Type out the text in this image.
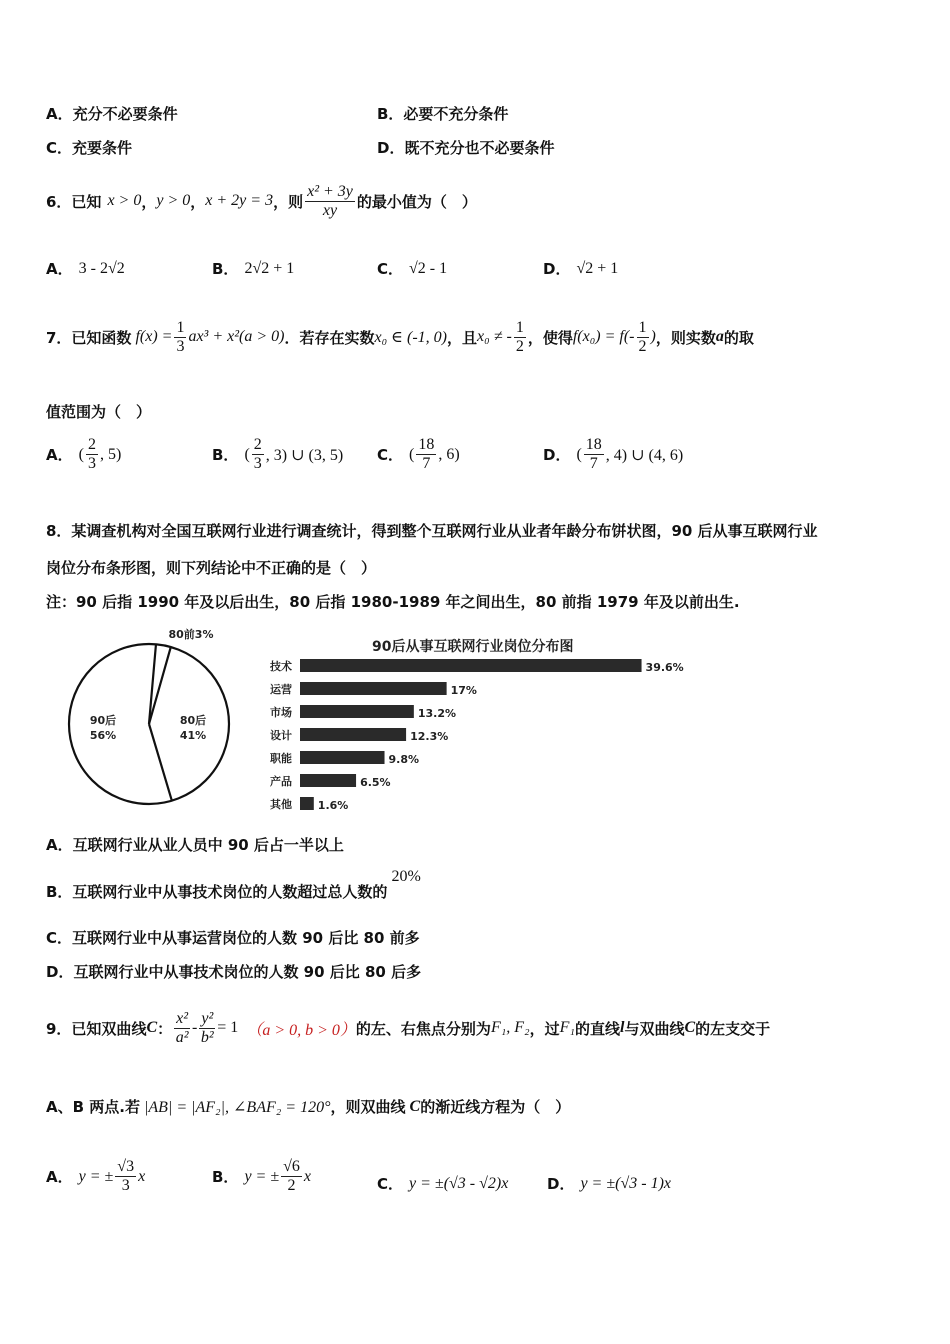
A．充分不必要条件	B．必要不充分条件
C．充要条件	D．既不充分也不必要条件
6．已知 x > 0 ， y > 0 ， x + 2y = 3 ，则 $\frac{\text{x² + 3y}}{xy}$ 的最小值为（　）
A． 3 - 2√2	B． 2√2 + 1	C． √2 - 1	D． √2 + 1
7．已知函数 $f(x) = \frac{1}{3} ax^3 + x^2(a > 0)$ ．若存在实数 x₀ ∈ (-1, 0) ，且 x₀ ≠ - $\frac{1}{2}$ ，使得 $f(x_0) = f(- \frac{1}{2}$ ) ，则实数 a 的取
值范围为（　）
A． ( $\frac{2}{3}$ , 5)	B． ( $\frac{2}{3}$ , 3) ∪ (3, 5) C． ( $\frac{18}{7}$ , 6)	D． ( $\frac{18}{7}$ , 4) ∪ (4, 6)
8．某调查机构对全国互联网行业进行调查统计，得到整个互联网行业从业者年龄分布饼状图，90 后从事互联网行业
岗位分布条形图，则下列结论中不正确的是（　）
注：90 后指 1990 年及以后出生，80 后指 1980-1989 年之间出生，80 前指 1979 年及以前出生.
90后
56%
80后
41%
80前3%
90后从事互联网行业岗位分布图
技术	39.6%
运营	17%
市场	13.2%
设计	12.3%
职能	9.8%
产品	6.5%
其他 1.6%
A．互联网行业从业人员中 90 后占一半以上
B．互联网行业中从事技术岗位的人数超过总人数的
20%
C．互联网行业中从事运营岗位的人数 90 后比 80 前多
D．互联网行业中从事技术岗位的人数 90 后比 80 后多
9．已知双曲线 C ： $\frac{\text{x²}}{\text{a²}} - \frac{\text{y²}}{\text{b²}} = 1$ （a > 0, b > 0） 的左、右焦点分别为 F₁, F₂ ，过 F₁ 的直线 l 与双曲线 C 的左支交于
A、B 两点.若 |AB| = |AF₂|, ∠BAF₂ = 120° ，则双曲线 C 的渐近线方程为（　）
A． y = ± $\frac{√3}{3}$ x	B． y = ± $\frac{√6}{2}$ x	C． y = ±(√3 - √2)x	D． y = ±(√3 - 1)x
